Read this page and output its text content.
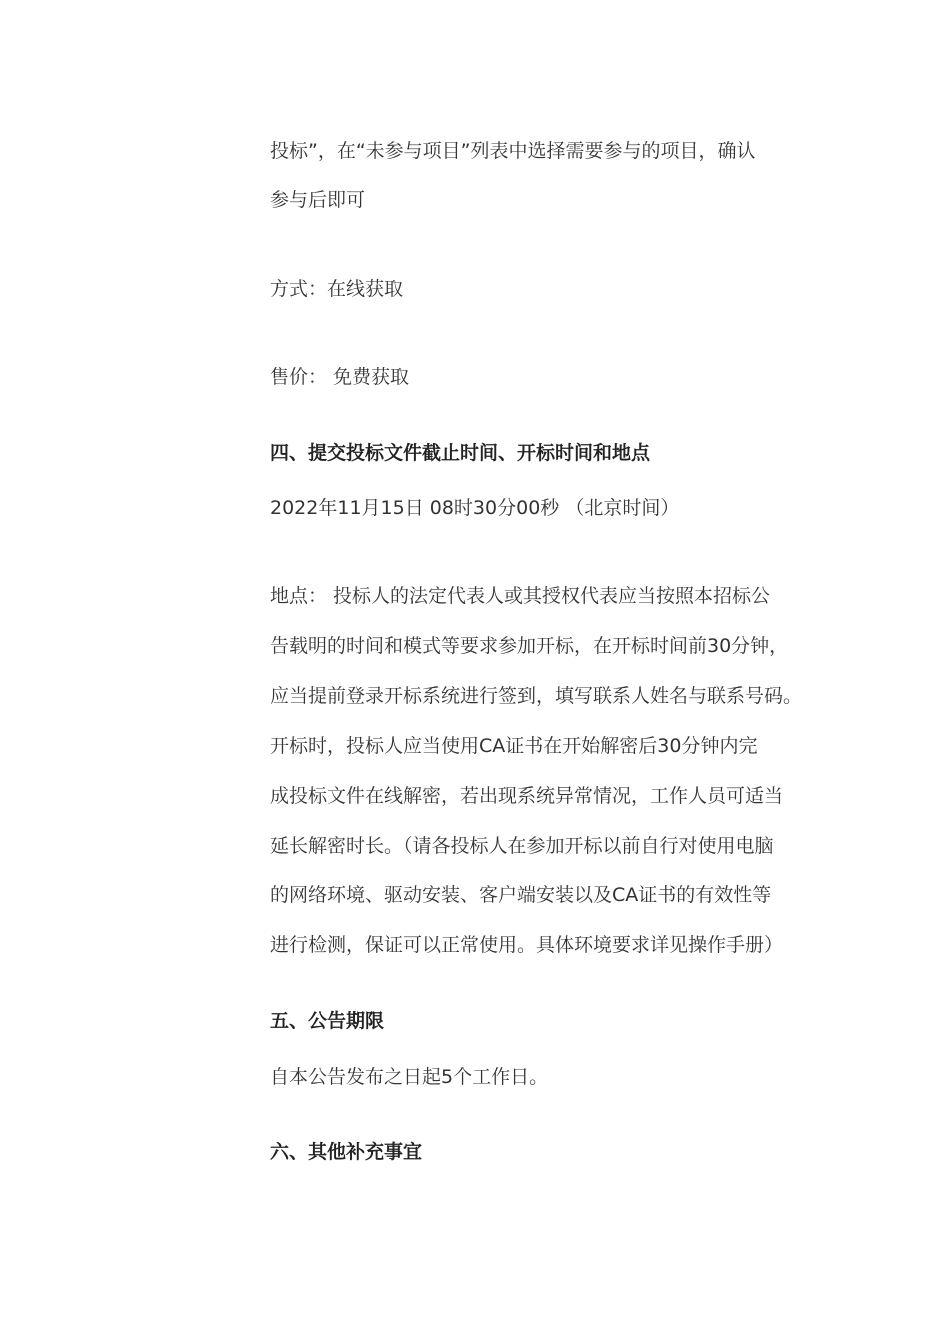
投标”，在“未参与项目”列表中选择需要参与的项目，确认
参与后即可
方式：在线获取
售价： 免费获取
四、提交投标文件截止时间、开标时间和地点
2022年11月15日 08时30分00秒 （北京时间）
地点： 投标人的法定代表人或其授权代表应当按照本招标公
告载明的时间和模式等要求参加开标，在开标时间前30分钟，
应当提前登录开标系统进行签到，填写联系人姓名与联系号码。
开标时，投标人应当使用CA证书在开始解密后30分钟内完
成投标文件在线解密，若出现系统异常情况，工作人员可适当
延长解密时长。（请各投标人在参加开标以前自行对使用电脑
的网络环境、驱动安装、客户端安装以及CA证书的有效性等
进行检测，保证可以正常使用。具体环境要求详见操作手册）
五、公告期限
自本公告发布之日起5个工作日。
六、其他补充事宜
